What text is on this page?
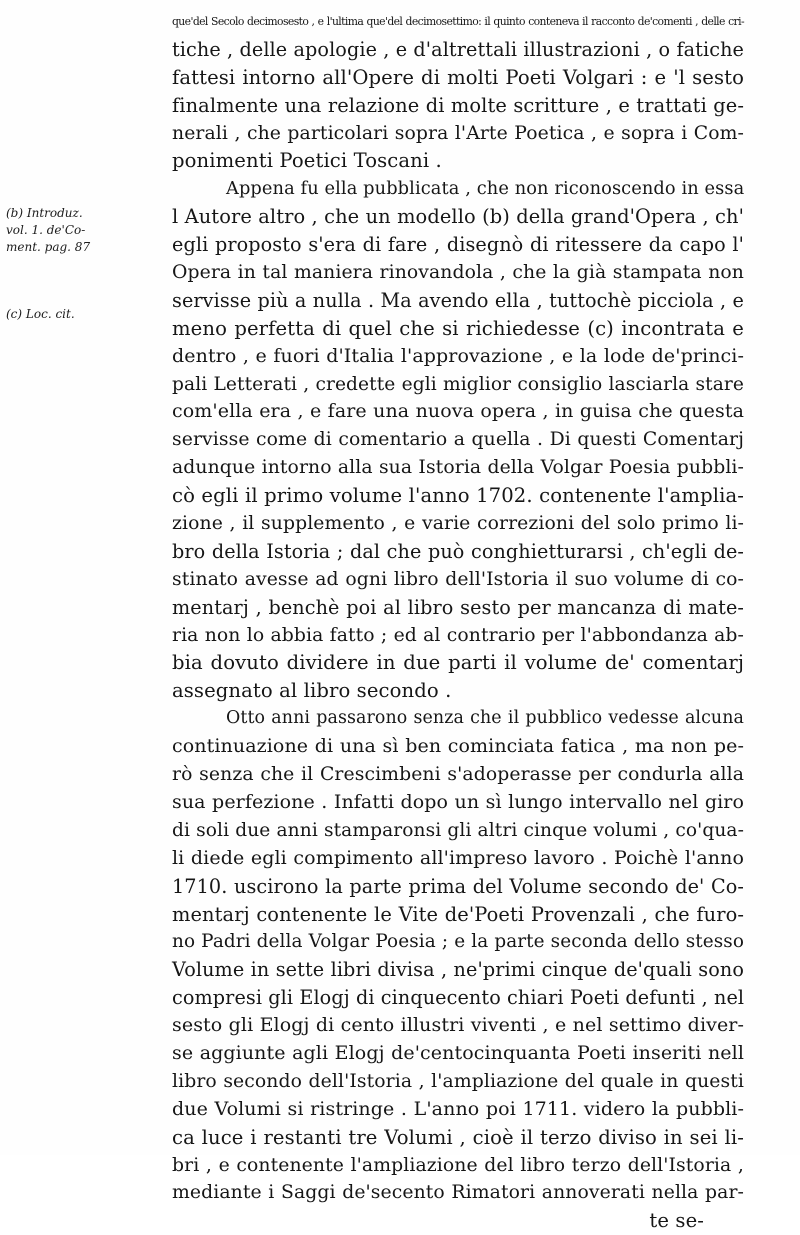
(b) Introduz.
vol. 1. de'Co-
ment. pag. 87
(c) Loc. cit.
que'del Secolo decimosesto , e l'ultima que'del decimosettimo: il quinto conteneva il racconto de'comenti , delle cri-
tiche , delle apologie , e d'altrettali illustrazioni , o fatiche
fattesi intorno all'Opere di molti Poeti Volgari : e 'l sesto
finalmente una relazione di molte scritture , e trattati ge-
nerali , che particolari sopra l'Arte Poetica , e sopra i Com-
ponimenti Poetici Toscani .
Appena fu ella pubblicata , che non riconoscendo in essa
l Autore altro , che un modello (b) della grand'Opera , ch'
egli proposto s'era di fare , disegnò di ritessere da capo l'
Opera in tal maniera rinovandola , che la già stampata non
servisse più a nulla . Ma avendo ella , tuttochè picciola , e
meno perfetta di quel che si richiedesse (c) incontrata e
dentro , e fuori d'Italia l'approvazione , e la lode de'princi-
pali Letterati , credette egli miglior consiglio lasciarla stare
com'ella era , e fare una nuova opera , in guisa che questa
servisse come di comentario a quella . Di questi Comentarj
adunque intorno alla sua Istoria della Volgar Poesia pubbli-
cò egli il primo volume l'anno 1702. contenente l'amplia-
zione , il supplemento , e varie correzioni del solo primo li-
bro della Istoria ; dal che può conghietturarsi , ch'egli de-
stinato avesse ad ogni libro dell'Istoria il suo volume di co-
mentarj , benchè poi al libro sesto per mancanza di mate-
ria non lo abbia fatto ; ed al contrario per l'abbondanza ab-
bia dovuto dividere in due parti il volume de' comentarj
assegnato al libro secondo .
Otto anni passarono senza che il pubblico vedesse alcuna
continuazione di una sì ben cominciata fatica , ma non pe-
rò senza che il Crescimbeni s'adoperasse per condurla alla
sua perfezione . Infatti dopo un sì lungo intervallo nel giro
di soli due anni stamparonsi gli altri cinque volumi , co'qua-
li diede egli compimento all'impreso lavoro . Poichè l'anno
1710. uscirono la parte prima del Volume secondo de' Co-
mentarj contenente le Vite de'Poeti Provenzali , che furo-
no Padri della Volgar Poesia ; e la parte seconda dello stesso
Volume in sette libri divisa , ne'primi cinque de'quali sono
compresi gli Elogj di cinquecento chiari Poeti defunti , nel
sesto gli Elogj di cento illustri viventi , e nel settimo diver-
se aggiunte agli Elogj de'centocinquanta Poeti inseriti nell
libro secondo dell'Istoria , l'ampliazione del quale in questi
due Volumi si ristringe . L'anno poi 1711. videro la pubbli-
ca luce i restanti tre Volumi , cioè il terzo diviso in sei li-
bri , e contenente l'ampliazione del libro terzo dell'Istoria ,
mediante i Saggi de'secento Rimatori annoverati nella par-
te se-
